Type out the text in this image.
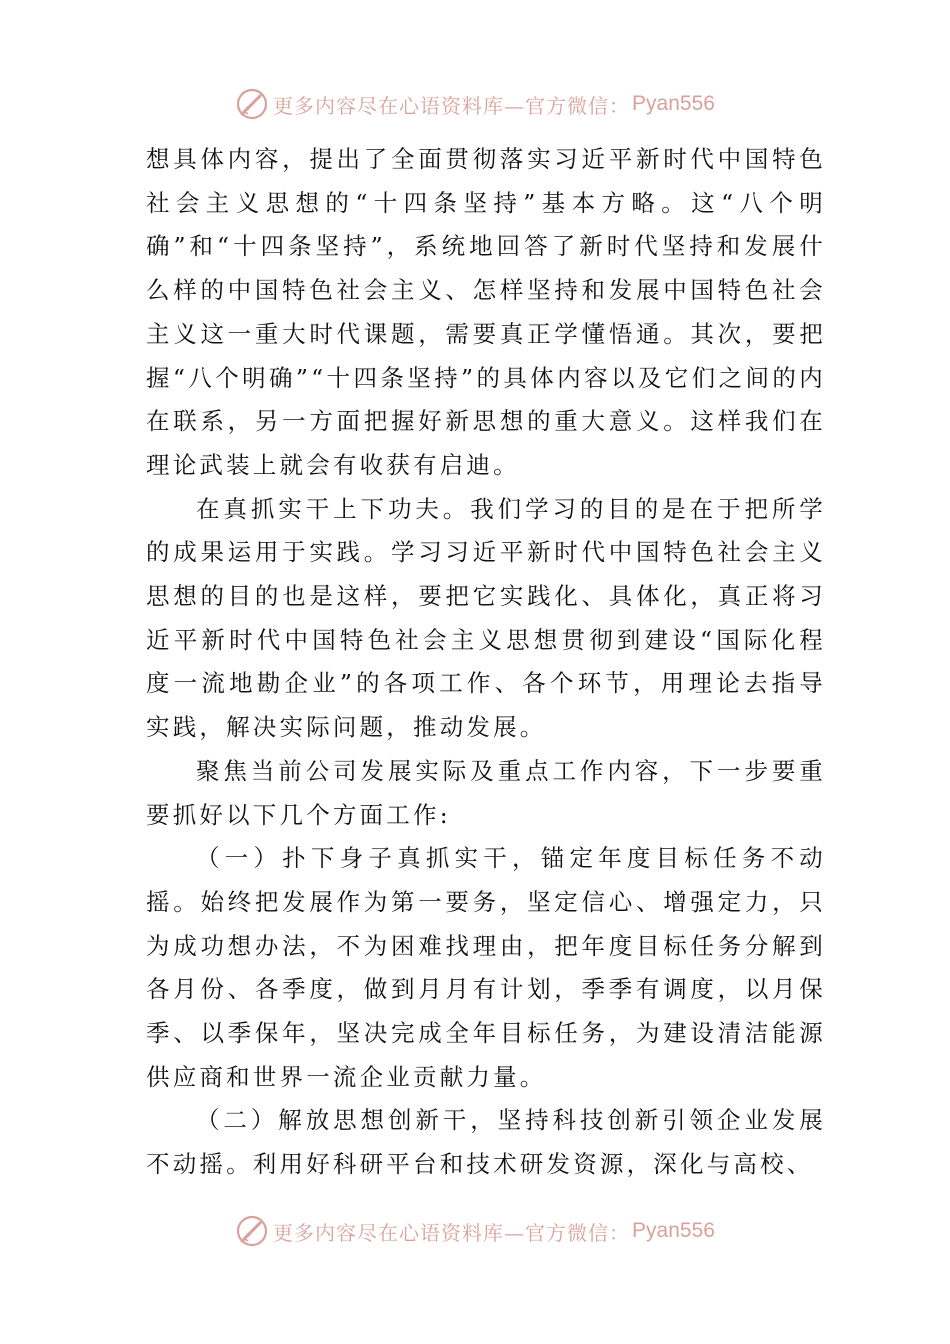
更多内容尽在心语资料库—官方微信： Pyan556

想具体内容，提出了全面贯彻落实习近平新时代中国特色社会主义思想的“十四条坚持”基本方略。这“八个明确”和“十四条坚持”，系统地回答了新时代坚持和发展什么样的中国特色社会主义、怎样坚持和发展中国特色社会主义这一重大时代课题，需要真正学懂悟通。其次，要把握“八个明确”“十四条坚持”的具体内容以及它们之间的内在联系，另一方面把握好新思想的重大意义。这样我们在理论武装上就会有收获有启迪。

在真抓实干上下功夫。我们学习的目的是在于把所学的成果运用于实践。学习习近平新时代中国特色社会主义思想的目的也是这样，要把它实践化、具体化，真正将习近平新时代中国特色社会主义思想贯彻到建设“国际化程度一流地勘企业”的各项工作、各个环节，用理论去指导实践，解决实际问题，推动发展。

聚焦当前公司发展实际及重点工作内容，下一步要重要抓好以下几个方面工作:

（一）扑下身子真抓实干，锚定年度目标任务不动摇。始终把发展作为第一要务，坚定信心、增强定力，只为成功想办法，不为困难找理由，把年度目标任务分解到各月份、各季度，做到月月有计划，季季有调度，以月保季、以季保年，坚决完成全年目标任务，为建设清洁能源供应商和世界一流企业贡献力量。

（二）解放思想创新干，坚持科技创新引领企业发展不动摇。利用好科研平台和技术研发资源，深化与高校、

更多内容尽在心语资料库—官方微信： Pyan556
